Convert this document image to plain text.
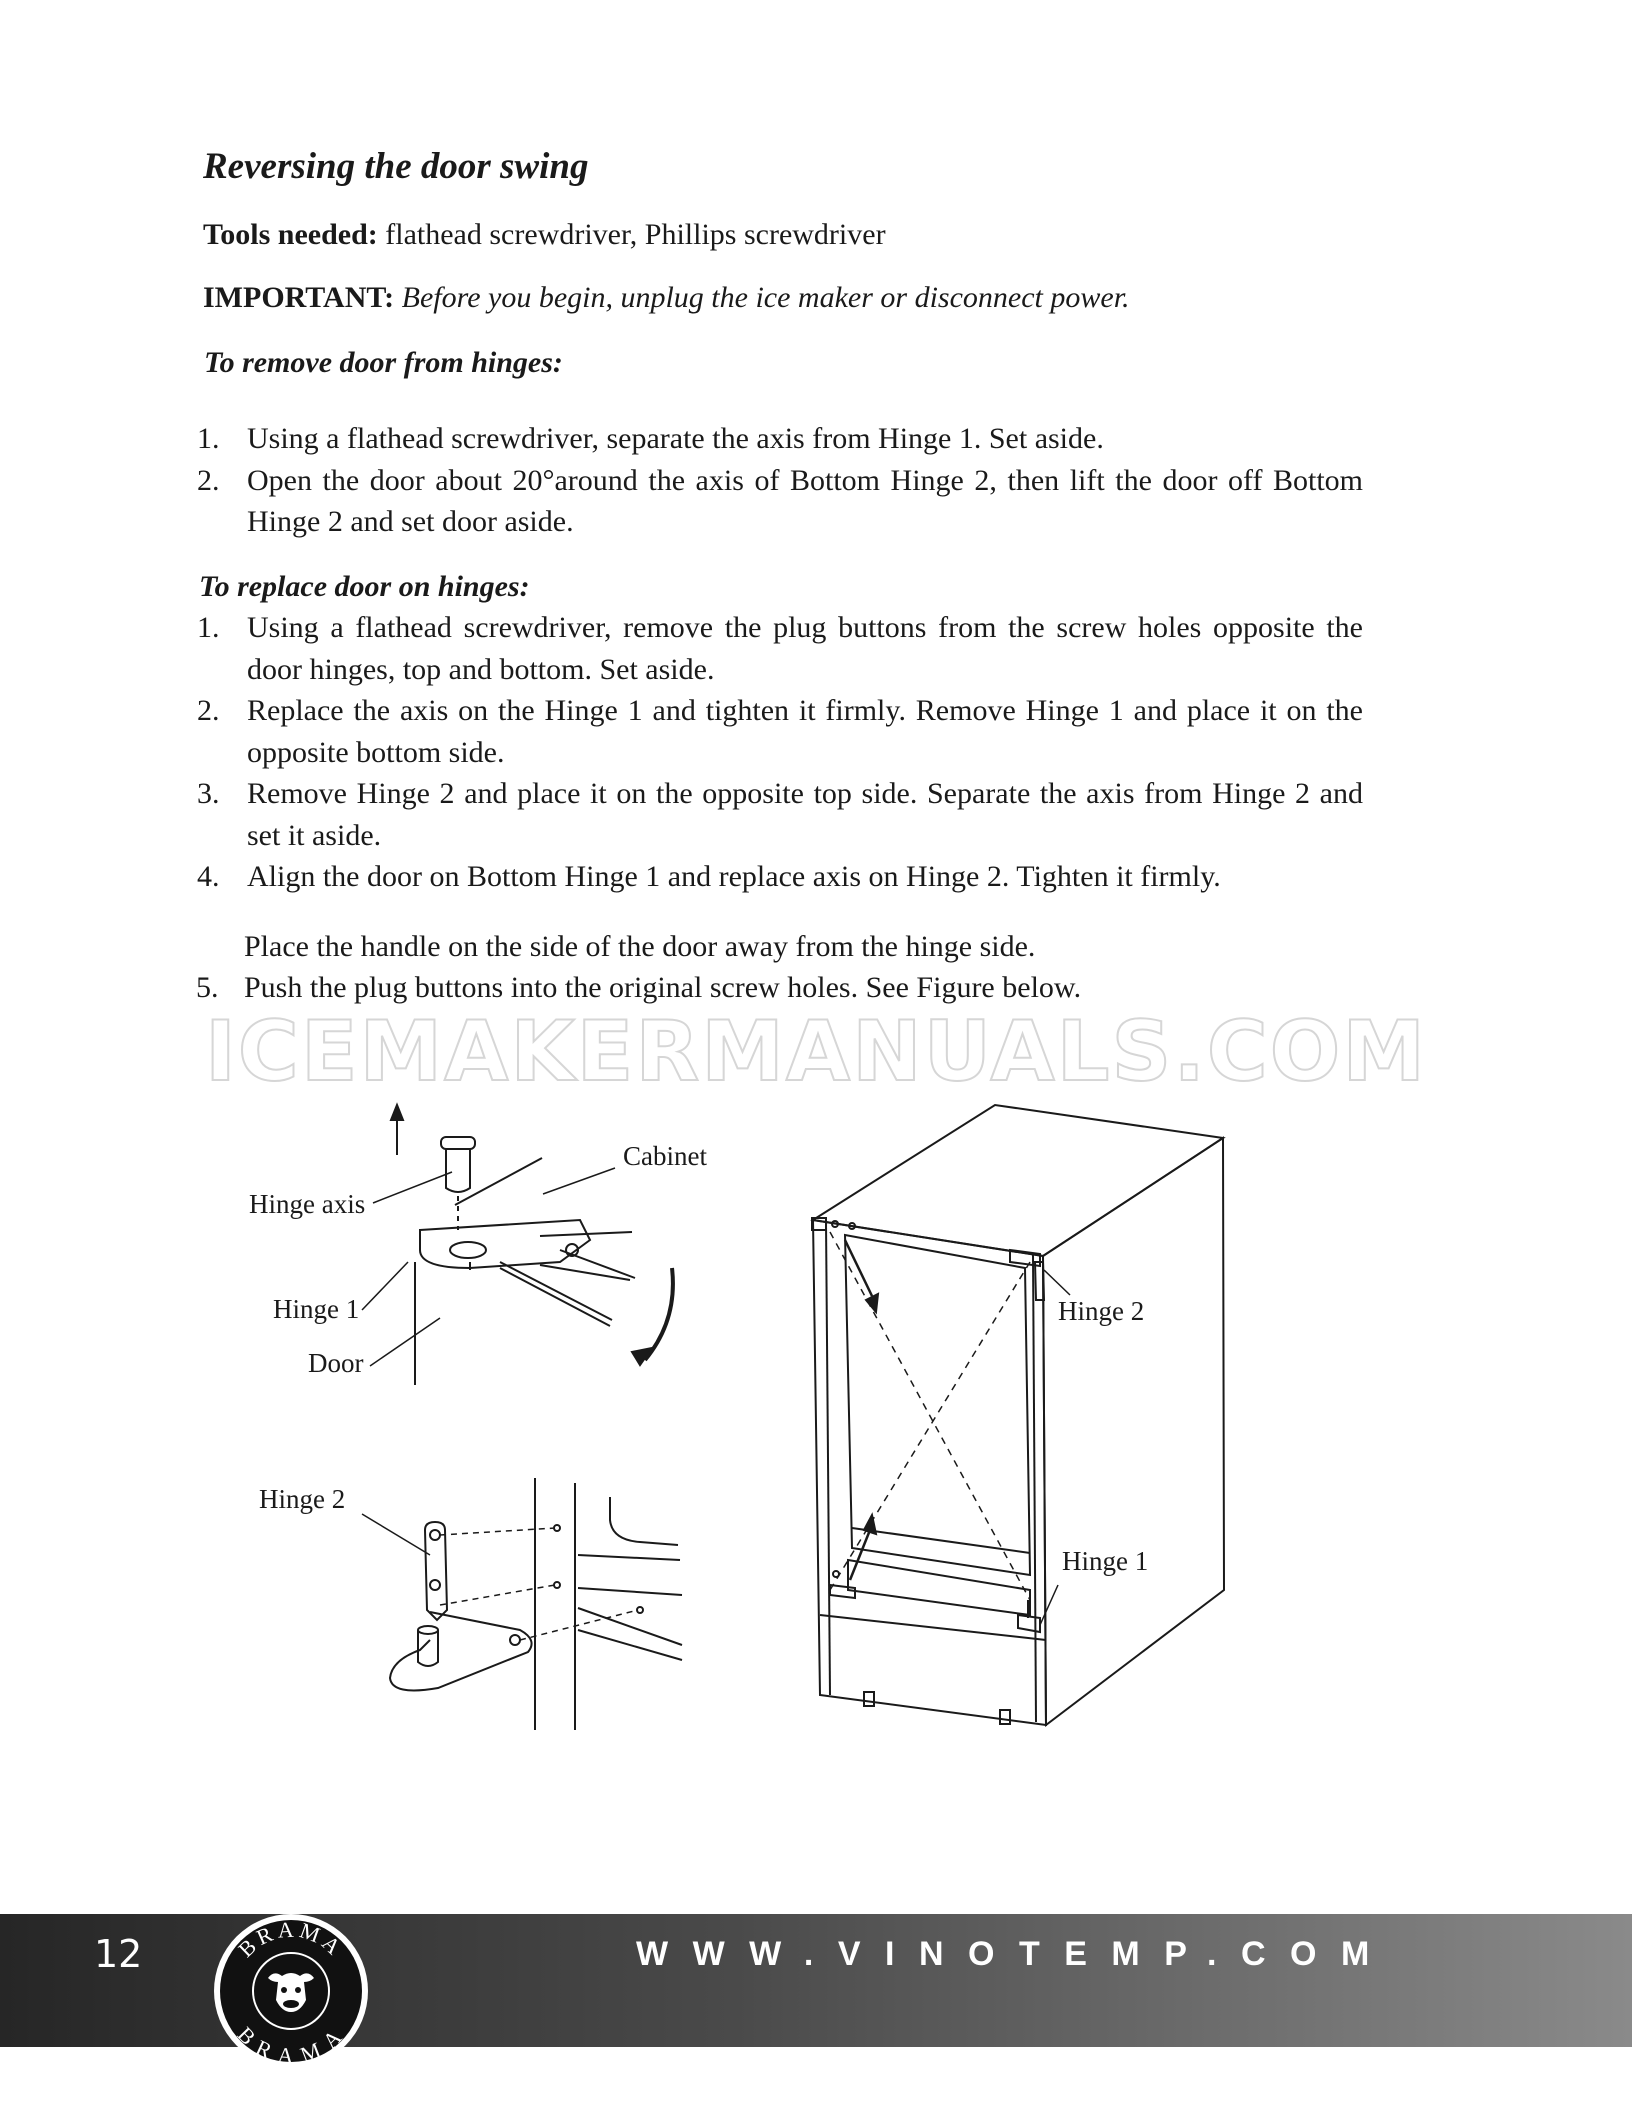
Reversing the door swing
Tools needed: flathead screwdriver, Phillips screwdriver
IMPORTANT: Before you begin, unplug the ice maker or disconnect power.
To remove door from hinges:
1. Using a flathead screwdriver, separate the axis from Hinge 1. Set aside.
2. Open the door about 20°around the axis of Bottom Hinge 2, then lift the door off Bottom Hinge 2 and set door aside.
To replace door on hinges:
1. Using a flathead screwdriver, remove the plug buttons from the screw holes opposite the door hinges, top and bottom. Set aside.
2. Replace the axis on the Hinge 1 and tighten it firmly. Remove Hinge 1 and place it on the opposite bottom side.
3. Remove Hinge 2 and place it on the opposite top side. Separate the axis from Hinge 2 and set it aside.
4. Align the door on Bottom Hinge 1 and replace axis on Hinge 2. Tighten it firmly.
Place the handle on the side of the door away from the hinge side.
5. Push the plug buttons into the original screw holes. See Figure below.
ICEMAKERMANUALS.COM
Cabinet
Hinge axis
Hinge 1
Door
Hinge 2
Hinge 2
Hinge 1
12	WWW.VINOTEMP.COM
BRAMA
BRAMA
